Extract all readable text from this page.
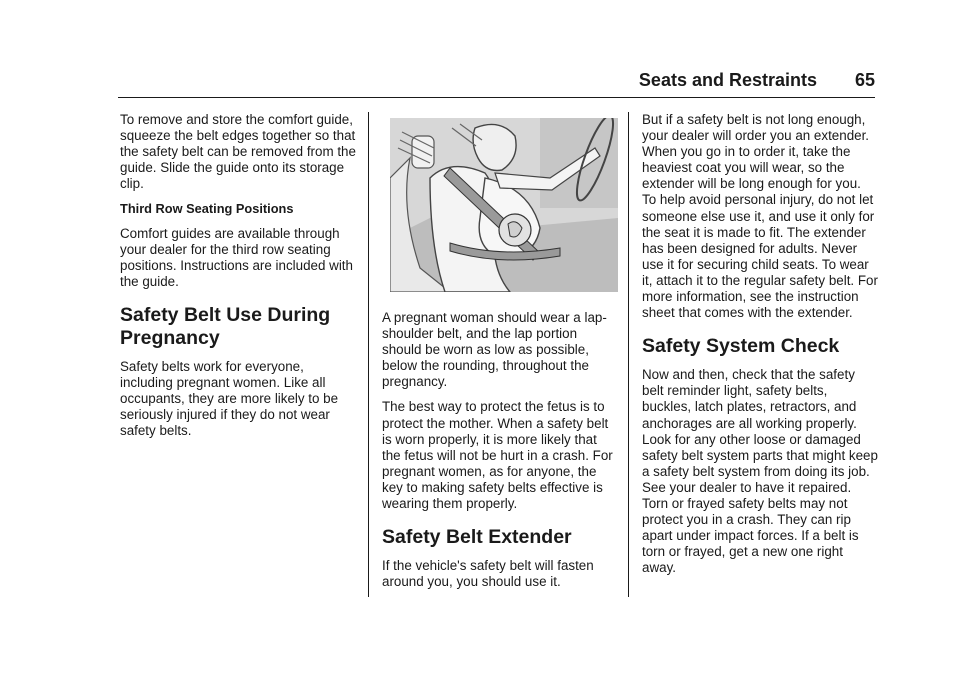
Seats and Restraints 65

To remove and store the comfort guide, squeeze the belt edges together so that the safety belt can be removed from the guide. Slide the guide onto its storage clip.

Third Row Seating Positions

Comfort guides are available through your dealer for the third row seating positions. Instructions are included with the guide.

Safety Belt Use During Pregnancy

Safety belts work for everyone, including pregnant women. Like all occupants, they are more likely to be seriously injured if they do not wear safety belts.

A pregnant woman should wear a lap-shoulder belt, and the lap portion should be worn as low as possible, below the rounding, throughout the pregnancy.

The best way to protect the fetus is to protect the mother. When a safety belt is worn properly, it is more likely that the fetus will not be hurt in a crash. For pregnant women, as for anyone, the key to making safety belts effective is wearing them properly.

Safety Belt Extender

If the vehicle's safety belt will fasten around you, you should use it.

But if a safety belt is not long enough, your dealer will order you an extender. When you go in to order it, take the heaviest coat you will wear, so the extender will be long enough for you. To help avoid personal injury, do not let someone else use it, and use it only for the seat it is made to fit. The extender has been designed for adults. Never use it for securing child seats. To wear it, attach it to the regular safety belt. For more information, see the instruction sheet that comes with the extender.

Safety System Check

Now and then, check that the safety belt reminder light, safety belts, buckles, latch plates, retractors, and anchorages are all working properly. Look for any other loose or damaged safety belt system parts that might keep a safety belt system from doing its job. See your dealer to have it repaired. Torn or frayed safety belts may not protect you in a crash. They can rip apart under impact forces. If a belt is torn or frayed, get a new one right away.
